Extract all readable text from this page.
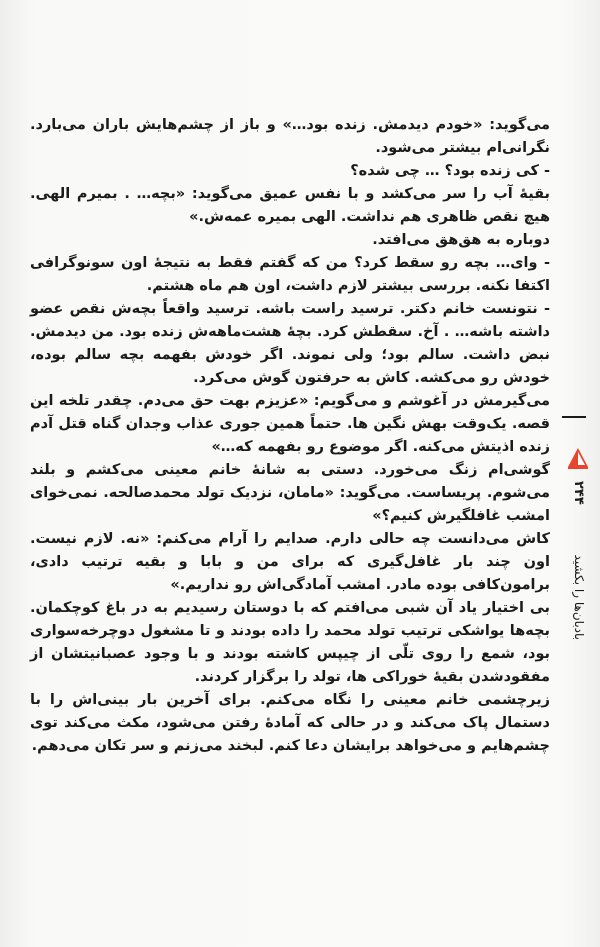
می‌گوید: «خودم دیدمش. زنده بود…» و باز از چشم‌هایش باران می‌بارد. نگرانی‌ام بیشتر می‌شود.

- کی زنده بود؟ … چی شده؟

بقیهٔ آب را سر می‌کشد و با نفس عمیق می‌گوید: «بچه… . بمیرم الهی. هیچ نقص ظاهری هم نداشت. الهی بمیره عمه‌ش.»

دوباره به هق‌هق می‌افتد.

- وای… بچه رو سقط کرد؟ من که گفتم فقط به نتیجهٔ اون سونوگرافی اکتفا نکنه. بررسی بیشتر لازم داشت، اون هم ماه هشتم.

- نتونست خانم دکتر. ترسید راست باشه. ترسید واقعاً بچه‌ش نقص عضو داشته باشه… . آخ. سقطش کرد. بچهٔ هشت‌ماهه‌ش زنده بود. من دیدمش. نبض داشت. سالم بود؛ ولی نموند. اگر خودش بفهمه بچه سالم بوده، خودش رو می‌کشه. کاش به حرفتون گوش می‌کرد.

می‌گیرمش در آغوشم و می‌گویم: «عزیزم بهت حق می‌دم. چقدر تلخه این قصه. یک‌وقت بهش نگین ها. حتماً همین جوری عذاب وجدان گناه قتل آدم زنده اذیتش می‌کنه. اگر موضوع رو بفهمه که…»

گوشی‌ام زنگ می‌خورد. دستی به شانهٔ خانم معینی می‌کشم و بلند می‌شوم. پریساست. می‌گوید: «مامان، نزدیک تولد محمدصالحه. نمی‌خوای امشب غافلگیرش کنیم؟»

کاش می‌دانست چه حالی دارم. صدایم را آرام می‌کنم: «نه. لازم نیست. اون چند بار غافل‌گیری که برای من و بابا و بقیه ترتیب دادی، برامون‌کافی بوده مادر. امشب آمادگی‌اش رو نداریم.»

بی اختیار یاد آن شبی می‌افتم که با دوستان رسیدیم به در باغ کوچکمان. بچه‌ها یواشکی ترتیب تولد محمد را داده بودند و تا مشغول دوچرخه‌سواری بود، شمع را روی تلّی از چیپس کاشته بودند و با وجود عصبانیتشان از مفقودشدن بقیهٔ خوراکی ها، تولد را برگزار کردند.

زیرچشمی خانم معینی را نگاه می‌کنم. برای آخرین بار بینی‌اش را با دستمال پاک می‌کند و در حالی که آمادهٔ رفتن می‌شود، مکث می‌کند توی چشم‌هایم و می‌خواهد برایشان دعا کنم. لبخند می‌زنم و سر تکان می‌دهم.

۲۴۴
بادبان‌ها را بکشید
